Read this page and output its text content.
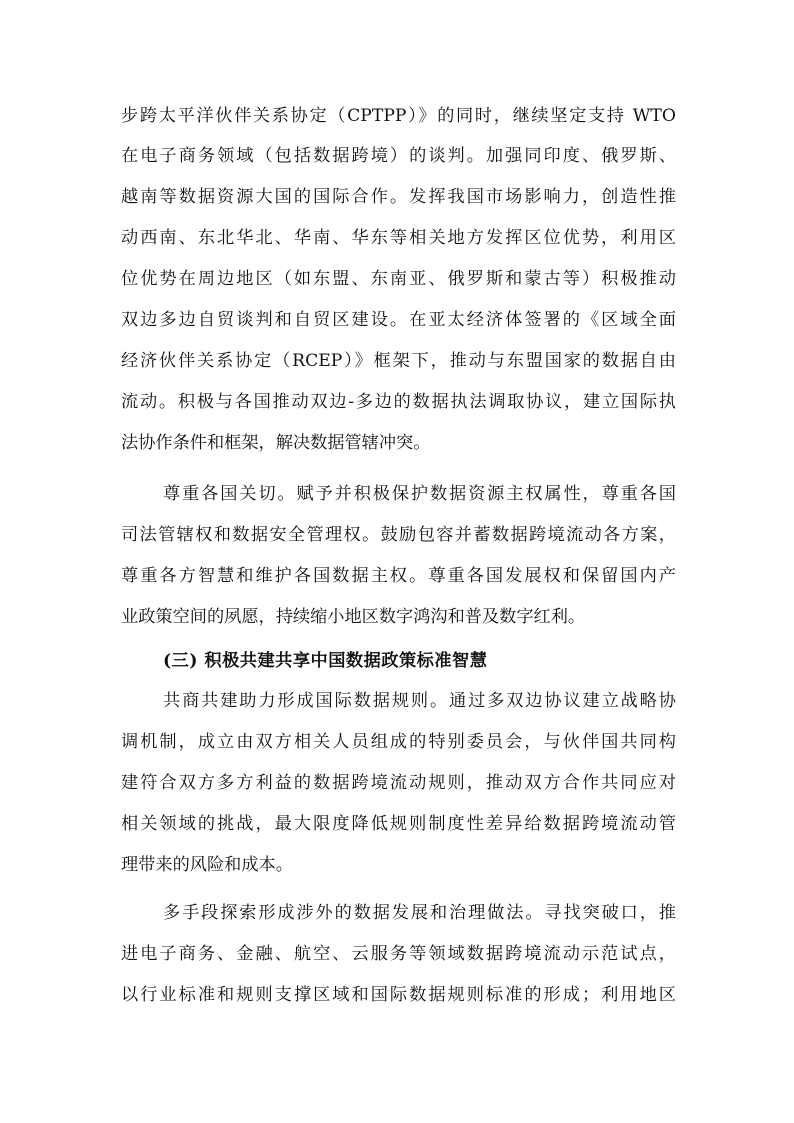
步跨太平洋伙伴关系协定（CPTPP）》的同时，继续坚定支持 WTO
在电子商务领域（包括数据跨境）的谈判。加强同印度、俄罗斯、
越南等数据资源大国的国际合作。发挥我国市场影响力，创造性推
动西南、东北华北、华南、华东等相关地方发挥区位优势，利用区
位优势在周边地区（如东盟、东南亚、俄罗斯和蒙古等）积极推动
双边多边自贸谈判和自贸区建设。在亚太经济体签署的《区域全面
经济伙伴关系协定（RCEP）》框架下，推动与东盟国家的数据自由
流动。积极与各国推动双边-多边的数据执法调取协议，建立国际执
法协作条件和框架，解决数据管辖冲突。
尊重各国关切。赋予并积极保护数据资源主权属性，尊重各国
司法管辖权和数据安全管理权。鼓励包容并蓄数据跨境流动各方案，
尊重各方智慧和维护各国数据主权。尊重各国发展权和保留国内产
业政策空间的夙愿，持续缩小地区数字鸿沟和普及数字红利。
(三) 积极共建共享中国数据政策标准智慧
共商共建助力形成国际数据规则。通过多双边协议建立战略协
调机制，成立由双方相关人员组成的特别委员会，与伙伴国共同构
建符合双方多方利益的数据跨境流动规则，推动双方合作共同应对
相关领域的挑战，最大限度降低规则制度性差异给数据跨境流动管
理带来的风险和成本。
多手段探索形成涉外的数据发展和治理做法。寻找突破口，推
进电子商务、金融、航空、云服务等领域数据跨境流动示范试点，
以行业标准和规则支撑区域和国际数据规则标准的形成；利用地区
